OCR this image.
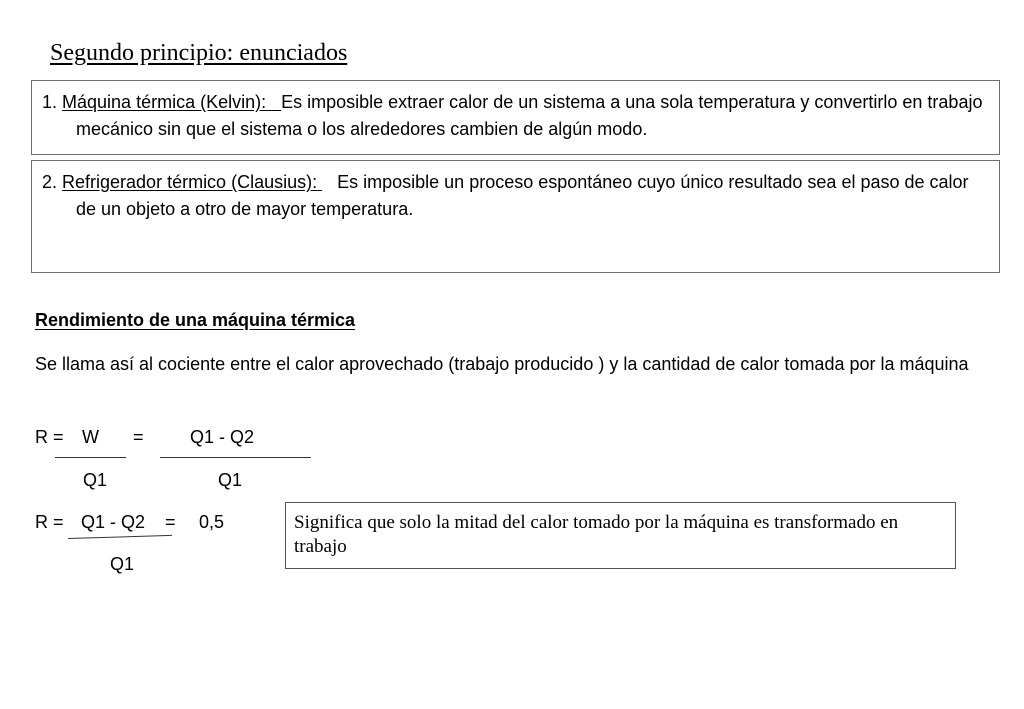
Segundo principio: enunciados

1. Máquina térmica (Kelvin): Es imposible extraer calor de un sistema a una sola temperatura y convertirlo en trabajo mecánico sin que el sistema o los alrededores cambien de algún modo.

2. Refrigerador térmico (Clausius): Es imposible un proceso espontáneo cuyo único resultado sea el paso de calor de un objeto a otro de mayor temperatura.

Rendimiento de una máquina térmica

Se llama así al cociente entre el calor aprovechado (trabajo producido ) y la cantidad de calor tomada por la máquina

R = W =	Q1 - Q2
Q1	Q1
R = Q1 - Q2 = 0,5
Q1
Significa que solo la mitad del calor tomado por la máquina es transformado en trabajo
